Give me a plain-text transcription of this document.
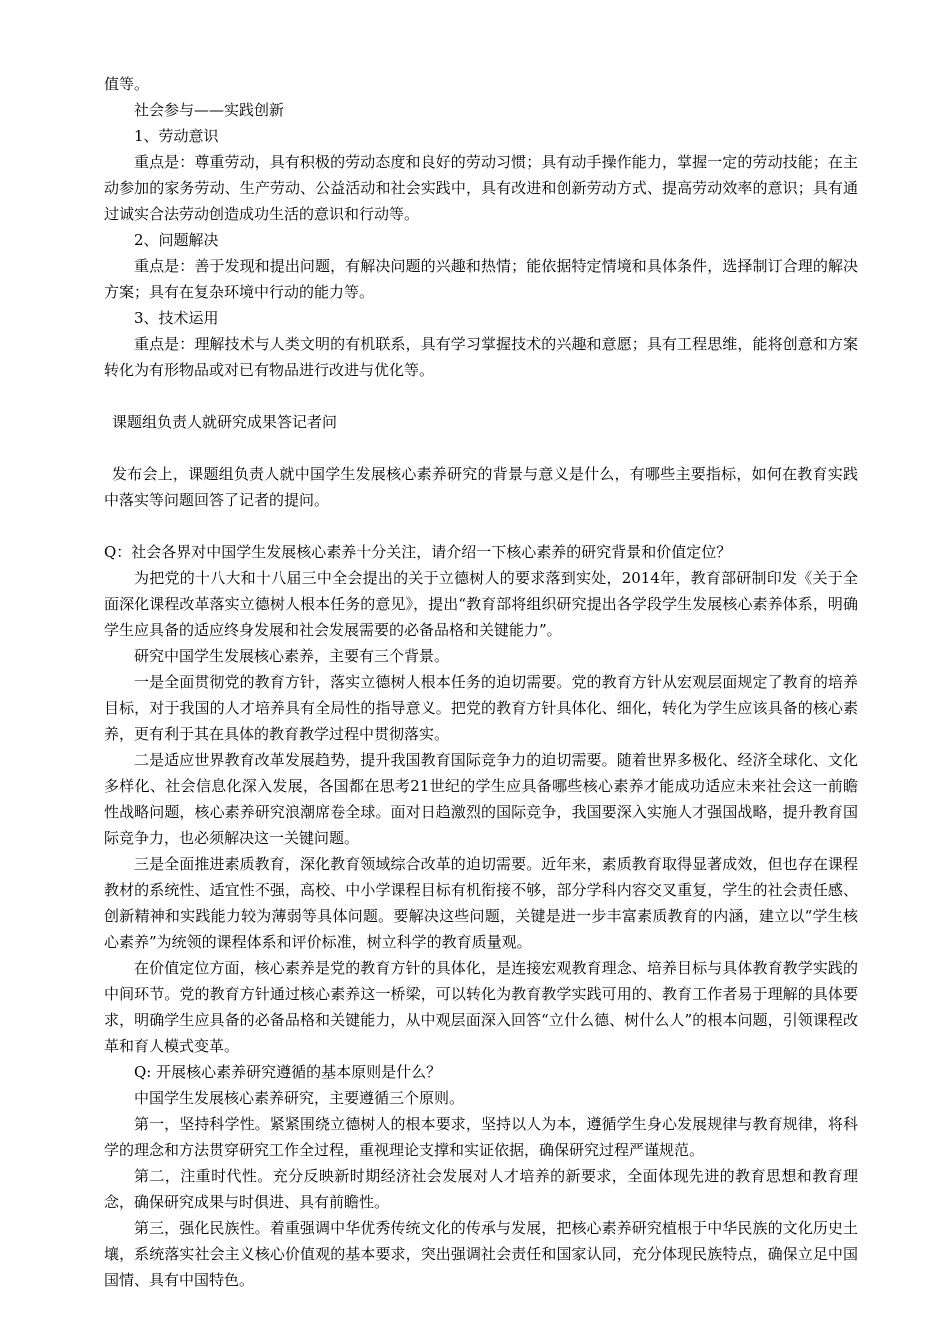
值等。

社会参与——实践创新

1、劳动意识

重点是：尊重劳动，具有积极的劳动态度和良好的劳动习惯；具有动手操作能力，掌握一定的劳动技能；在主动参加的家务劳动、生产劳动、公益活动和社会实践中，具有改进和创新劳动方式、提高劳动效率的意识；具有通过诚实合法劳动创造成功生活的意识和行动等。

2、问题解决

重点是：善于发现和提出问题，有解决问题的兴趣和热情；能依据特定情境和具体条件，选择制订合理的解决方案；具有在复杂环境中行动的能力等。

3、技术运用

重点是：理解技术与人类文明的有机联系，具有学习掌握技术的兴趣和意愿；具有工程思维，能将创意和方案转化为有形物品或对已有物品进行改进与优化等。

课题组负责人就研究成果答记者问

发布会上，课题组负责人就中国学生发展核心素养研究的背景与意义是什么，有哪些主要指标，如何在教育实践中落实等问题回答了记者的提问。

Q：社会各界对中国学生发展核心素养十分关注，请介绍一下核心素养的研究背景和价值定位？

为把党的十八大和十八届三中全会提出的关于立德树人的要求落到实处，2014年，教育部研制印发《关于全面深化课程改革落实立德树人根本任务的意见》，提出“教育部将组织研究提出各学段学生发展核心素养体系，明确学生应具备的适应终身发展和社会发展需要的必备品格和关键能力”。

研究中国学生发展核心素养，主要有三个背景。

一是全面贯彻党的教育方针，落实立德树人根本任务的迫切需要。党的教育方针从宏观层面规定了教育的培养目标，对于我国的人才培养具有全局性的指导意义。把党的教育方针具体化、细化，转化为学生应该具备的核心素养，更有利于其在具体的教育教学过程中贯彻落实。

二是适应世界教育改革发展趋势，提升我国教育国际竞争力的迫切需要。随着世界多极化、经济全球化、文化多样化、社会信息化深入发展，各国都在思考21世纪的学生应具备哪些核心素养才能成功适应未来社会这一前瞻性战略问题，核心素养研究浪潮席卷全球。面对日趋激烈的国际竞争，我国要深入实施人才强国战略，提升教育国际竞争力，也必须解决这一关键问题。

三是全面推进素质教育，深化教育领域综合改革的迫切需要。近年来，素质教育取得显著成效，但也存在课程教材的系统性、适宜性不强，高校、中小学课程目标有机衔接不够，部分学科内容交叉重复，学生的社会责任感、创新精神和实践能力较为薄弱等具体问题。要解决这些问题，关键是进一步丰富素质教育的内涵，建立以“学生核心素养”为统领的课程体系和评价标准，树立科学的教育质量观。

在价值定位方面，核心素养是党的教育方针的具体化，是连接宏观教育理念、培养目标与具体教育教学实践的中间环节。党的教育方针通过核心素养这一桥梁，可以转化为教育教学实践可用的、教育工作者易于理解的具体要求，明确学生应具备的必备品格和关键能力，从中观层面深入回答“立什么德、树什么人”的根本问题，引领课程改革和育人模式变革。

Q: 开展核心素养研究遵循的基本原则是什么？

中国学生发展核心素养研究，主要遵循三个原则。

第一，坚持科学性。紧紧围绕立德树人的根本要求，坚持以人为本，遵循学生身心发展规律与教育规律，将科学的理念和方法贯穿研究工作全过程，重视理论支撑和实证依据，确保研究过程严谨规范。

第二，注重时代性。充分反映新时期经济社会发展对人才培养的新要求，全面体现先进的教育思想和教育理念，确保研究成果与时俱进、具有前瞻性。

第三，强化民族性。着重强调中华优秀传统文化的传承与发展，把核心素养研究植根于中华民族的文化历史土壤，系统落实社会主义核心价值观的基本要求，突出强调社会责任和国家认同，充分体现民族特点，确保立足中国国情、具有中国特色。
